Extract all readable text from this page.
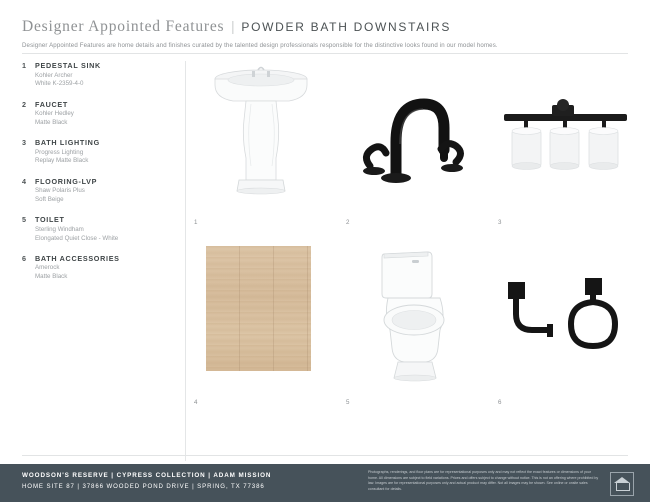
Designer Appointed Features | POWDER BATH DOWNSTAIRS
Designer Appointed Features are home details and finishes curated by the talented design professionals responsible for the distinctive looks found in our model homes.
1 PEDESTAL SINK
Kohler Archer
White K-2359-4-0
2 FAUCET
Kohler Hedley
Matte Black
3 BATH LIGHTING
Progress Lighting
Replay Matte Black
4 FLOORING-LVP
Shaw Polaris Plus
Soft Beige
5 TOILET
Sterling Windham
Elongated Quiet Close - White
6 BATH ACCESSORIES
Amerock
Matte Black
1	2	3
4	5	6
WOODSON'S RESERVE | CYPRESS COLLECTION | ADAM MISSION
HOME SITE 87 | 37866 WOODED POND DRIVE | SPRING, TX 77386
Photographs, renderings, and floor plans are for representational purposes only and may not reflect the exact features or dimensions of your home. All dimensions are subject to field variations. Prices and offers subject to change without notice. This is not an offering where prohibited by law. Images are for representational purposes only and actual product may differ. Not all images may be shown. See online or onsite sales consultant for details.
